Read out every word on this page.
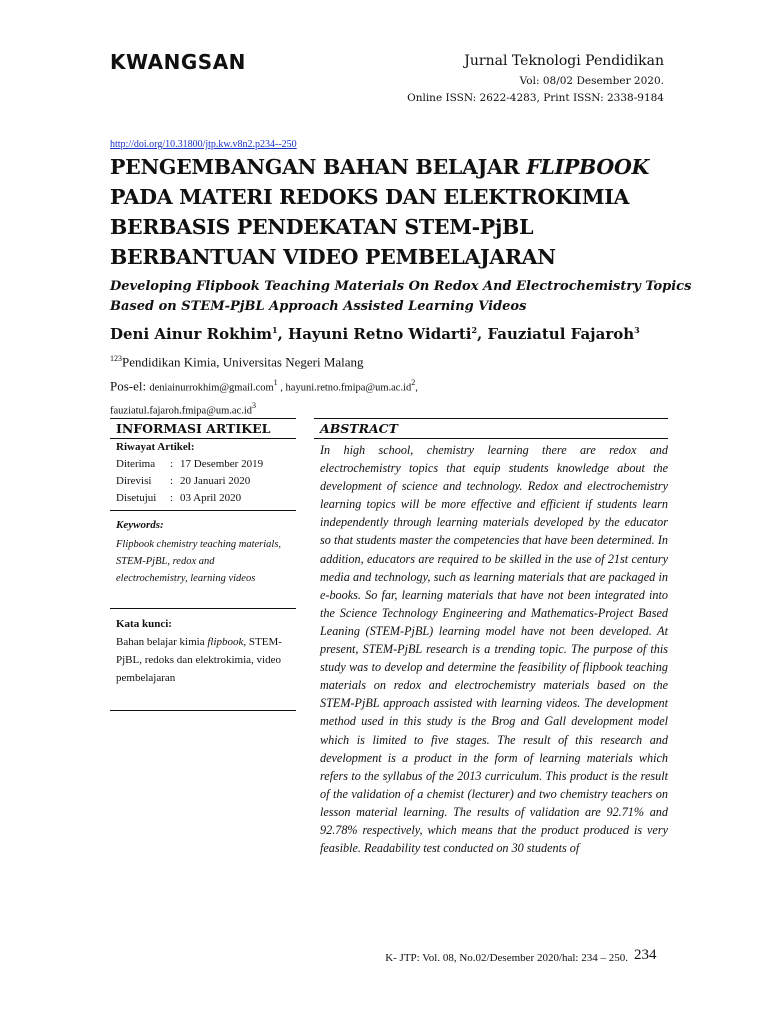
KWANGSAN	Jurnal Teknologi Pendidikan
Vol: 08/02 Desember 2020.
Online ISSN: 2622-4283, Print ISSN: 2338-9184
http://doi.org/10.31800/jtp.kw.v8n2.p234--250
PENGEMBANGAN BAHAN BELAJAR FLIPBOOK
PADA MATERI REDOKS DAN ELEKTROKIMIA
BERBASIS PENDEKATAN STEM-PjBL
BERBANTUAN VIDEO PEMBELAJARAN
Developing Flipbook Teaching Materials On Redox And Electrochemistry Topics
Based on STEM-PjBL Approach Assisted Learning Videos
Deni Ainur Rokhim$^1$, Hayuni Retno Widarti$^2$, Fauziatul Fajaroh$^3$
$^{123}$Pendidikan Kimia, Universitas Negeri Malang
Pos-el: deniainurrokhim@gmail.com$^1$ , $hayuni.retno.fmipa@um.ac.id^2$,
$fauziatul.fajaroh.fmipa@um.ac.id^3$
INFORMASI ARTIKEL
Riwayat Artikel:
Diterima	: 17 Desember 2019
Direvisi	: 20 Januari 2020
Disetujui	: 03 April 2020
Keywords:
Flipbook chemistry teaching materials, STEM-PjBL, redox and electrochemistry, learning videos
Kata kunci:
Bahan belajar kimia flipbook, STEM-PjBL, redoks dan elektrokimia, video pembelajaran
ABSTRACT
In high school, chemistry learning there are redox and electrochemistry topics that equip students knowledge about the development of science and technology. Redox and electrochemistry learning topics will be more effective and efficient if students learn independently through learning materials developed by the educator so that students master the competencies that have been determined. In addition, educators are required to be skilled in the use of 21st century media and technology, such as learning materials that are packaged in e-books. So far, learning materials that have not been integrated into the Science Technology Engineering and Mathematics-Project Based Leaning (STEM-PjBL) learning model have not been developed. At present, STEM-PjBL research is a trending topic. The purpose of this study was to develop and determine the feasibility of flipbook teaching materials on redox and electrochemistry materials based on the STEM-PjBL approach assisted with learning videos. The development method used in this study is the Brog and Gall development model which is limited to five stages. The result of this research and development is a product in the form of learning materials which refers to the syllabus of the 2013 curriculum. This product is the result of the validation of a chemist (lecturer) and two chemistry teachers on lesson material learning. The results of validation are 92.71% and 92.78% respectively, which means that the product produced is very feasible. Readability test conducted on 30 students of
K- JTP: Vol. 08, No.02/Desember 2020/hal: 234 – 250. 234
